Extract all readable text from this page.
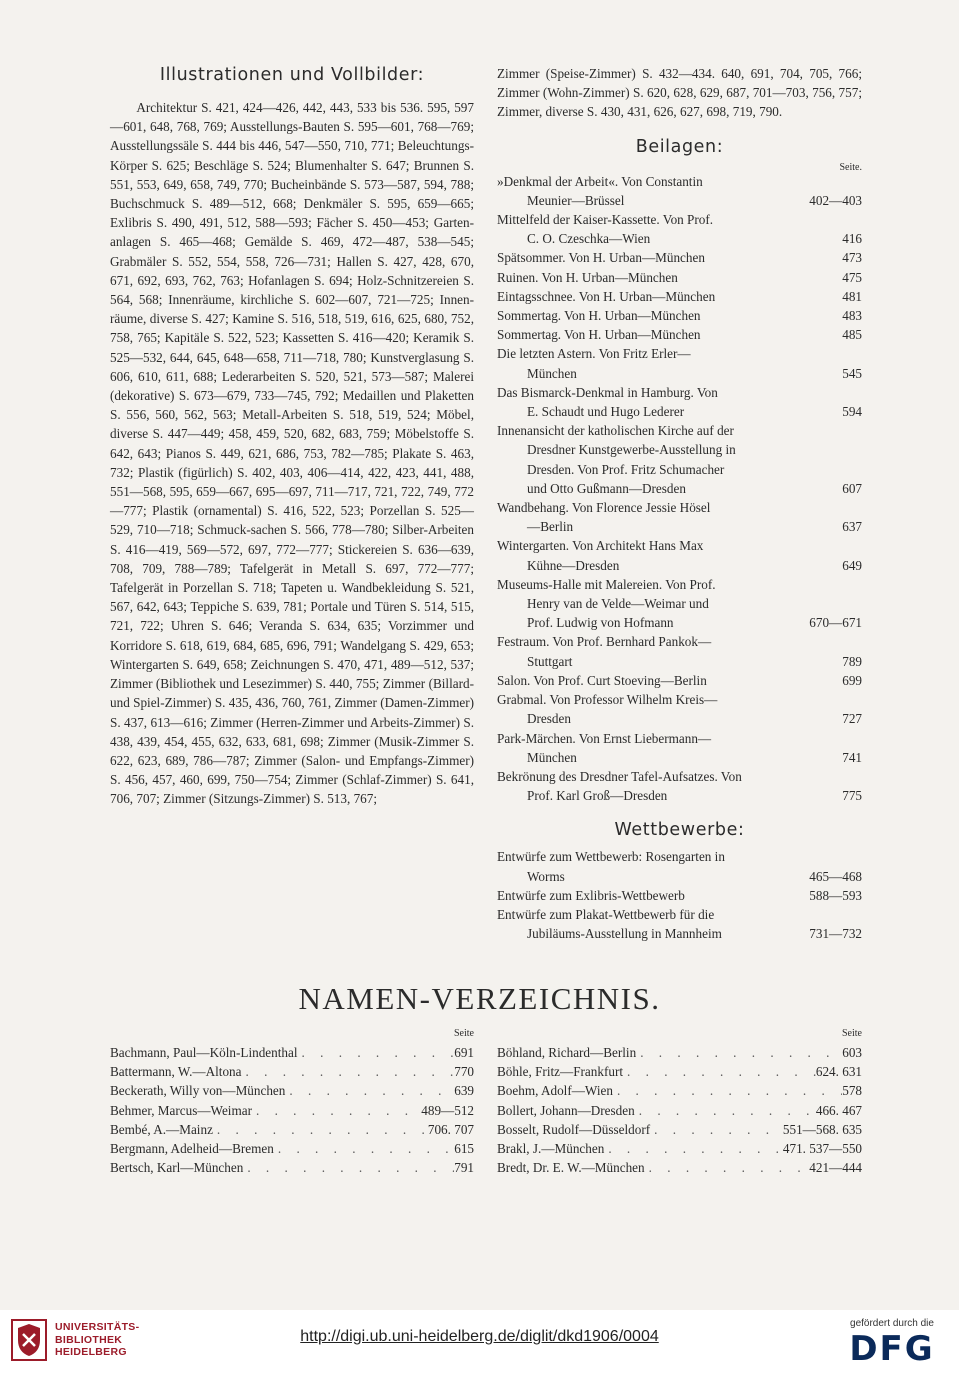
Illustrationen und Vollbilder:

Architektur S. 421, 424—426, 442, 443, 533 bis 536. 595, 597—601, 648, 768, 769; Ausstellungs-Bauten S. 595—601, 768—769; Ausstellungssäle S. 444 bis 446, 547—550, 710, 771; Beleuchtungs-Körper S. 625; Beschläge S. 524; Blumenhalter S. 647; Brunnen S. 551, 553, 649, 658, 749, 770; Bucheinbände S. 573—587, 594, 788; Buchschmuck S. 489—512, 668; Denkmäler S. 595, 659—665; Exlibris S. 490, 491, 512, 588—593; Fächer S. 450—453; Garten-anlagen S. 465—468; Gemälde S. 469, 472—487, 538—545; Grabmäler S. 552, 554, 558, 726—731; Hallen S. 427, 428, 670, 671, 692, 693, 762, 763; Hofanlagen S. 694; Holz-Schnitzereien S. 564, 568; Innenräume, kirchliche S. 602—607, 721—725; Innen-räume, diverse S. 427; Kamine S. 516, 518, 519, 616, 625, 680, 752, 758, 765; Kapitäle S. 522, 523; Kassetten S. 416—420; Keramik S. 525—532, 644, 645, 648—658, 711—718, 780; Kunstverglasung S. 606, 610, 611, 688; Lederarbeiten S. 520, 521, 573—587; Malerei (dekorative) S. 673—679, 733—745, 792; Medaillen und Plaketten S. 556, 560, 562, 563; Metall-Arbeiten S. 518, 519, 524; Möbel, diverse S. 447—449; 458, 459, 520, 682, 683, 759; Möbelstoffe S. 642, 643; Pianos S. 449, 621, 686, 753, 782—785; Plakate S. 463, 732; Plastik (figürlich) S. 402, 403, 406—414, 422, 423, 441, 488, 551—568, 595, 659—667, 695—697, 711—717, 721, 722, 749, 772—777; Plastik (ornamental) S. 416, 522, 523; Porzellan S. 525—529, 710—718; Schmuck-sachen S. 566, 778—780; Silber-Arbeiten S. 416—419, 569—572, 697, 772—777; Stickereien S. 636—639, 708, 709, 788—789; Tafelgerät in Metall S. 697, 772—777; Tafelgerät in Porzellan S. 718; Tapeten u. Wandbekleidung S. 521, 567, 642, 643; Teppiche S. 639, 781; Portale und Türen S. 514, 515, 721, 722; Uhren S. 646; Veranda S. 634, 635; Vorzimmer und Korridore S. 618, 619, 684, 685, 696, 791; Wandelgang S. 429, 653; Wintergarten S. 649, 658; Zeichnungen S. 470, 471, 489—512, 537; Zimmer (Bibliothek und Lesezimmer) S. 440, 755; Zimmer (Billard- und Spiel-Zimmer) S. 435, 436, 760, 761, Zimmer (Damen-Zimmer) S. 437, 613—616; Zimmer (Herren-Zimmer und Arbeits-Zimmer) S. 438, 439, 454, 455, 632, 633, 681, 698; Zimmer (Musik-Zimmer S. 622, 623, 689, 786—787; Zimmer (Salon- und Empfangs-Zimmer) S. 456, 457, 460, 699, 750—754; Zimmer (Schlaf-Zimmer) S. 641, 706, 707; Zimmer (Sitzungs-Zimmer) S. 513, 767;

Zimmer (Speise-Zimmer) S. 432—434. 640, 691, 704, 705, 766; Zimmer (Wohn-Zimmer) S. 620, 628, 629, 687, 701—703, 756, 757; Zimmer, diverse S. 430, 431, 626, 627, 698, 719, 790.

Beilagen:
Seite.
»Denkmal der Arbeit«. Von Constantin
Meunier—Brüssel	402—403
Mittelfeld der Kaiser-Kassette. Von Prof.
C. O. Czeschka—Wien	416
Spätsommer. Von H. Urban—München	473
Ruinen. Von H. Urban—München	475
Eintagsschnee. Von H. Urban—München	481
Sommertag. Von H. Urban—München	483
Sommertag. Von H. Urban—München	485
Die letzten Astern. Von Fritz Erler—
München	545
Das Bismarck-Denkmal in Hamburg. Von
E. Schaudt und Hugo Lederer	594
Innenansicht der katholischen Kirche auf der
Dresdner Kunstgewerbe-Ausstellung in
Dresden. Von Prof. Fritz Schumacher
und Otto Gußmann—Dresden	607
Wandbehang. Von Florence Jessie Hösel
—Berlin	637
Wintergarten. Von Architekt Hans Max
Kühne—Dresden	649
Museums-Halle mit Malereien. Von Prof.
Henry van de Velde—Weimar und
Prof. Ludwig von Hofmann	670—671
Festraum. Von Prof. Bernhard Pankok—
Stuttgart	789
Salon. Von Prof. Curt Stoeving—Berlin	699
Grabmal. Von Professor Wilhelm Kreis—
Dresden	727
Park-Märchen. Von Ernst Liebermann—
München	741
Bekrönung des Dresdner Tafel-Aufsatzes. Von
Prof. Karl Groß—Dresden	775
Wettbewerbe:
Entwürfe zum Wettbewerb: Rosengarten in
Worms	465—468
Entwürfe zum Exlibris-Wettbewerb	588—593
Entwürfe zum Plakat-Wettbewerb für die
Jubiläums-Ausstellung in Mannheim	731—732
NAMEN-VERZEICHNIS.
Seite
Bachmann, Paul—Köln-Lindenthal . . .	691
Battermann, W.—Altona . . .	770
Beckerath, Willy von—München . . .	639
Behmer, Marcus—Weimar . . .	489—512
Bembé, A.—Mainz . . .	706. 707
Bergmann, Adelheid—Bremen . . .	615
Bertsch, Karl—München . . .	791
Seite
Böhland, Richard—Berlin . . .	603
Böhle, Fritz—Frankfurt . . .	624. 631
Boehm, Adolf—Wien . . .	578
Bollert, Johann—Dresden . . .	466. 467
Bosselt, Rudolf—Düsseldorf . . .	551—568. 635
Brakl, J.—München . . .	471. 537—550
Bredt, Dr. E. W.—München . . .	421—444
UNIVERSITÄTS-
BIBLIOTHEK
HEIDELBERG
http://digi.ub.uni-heidelberg.de/diglit/dkd1906/0004
gefördert durch die
DFG
